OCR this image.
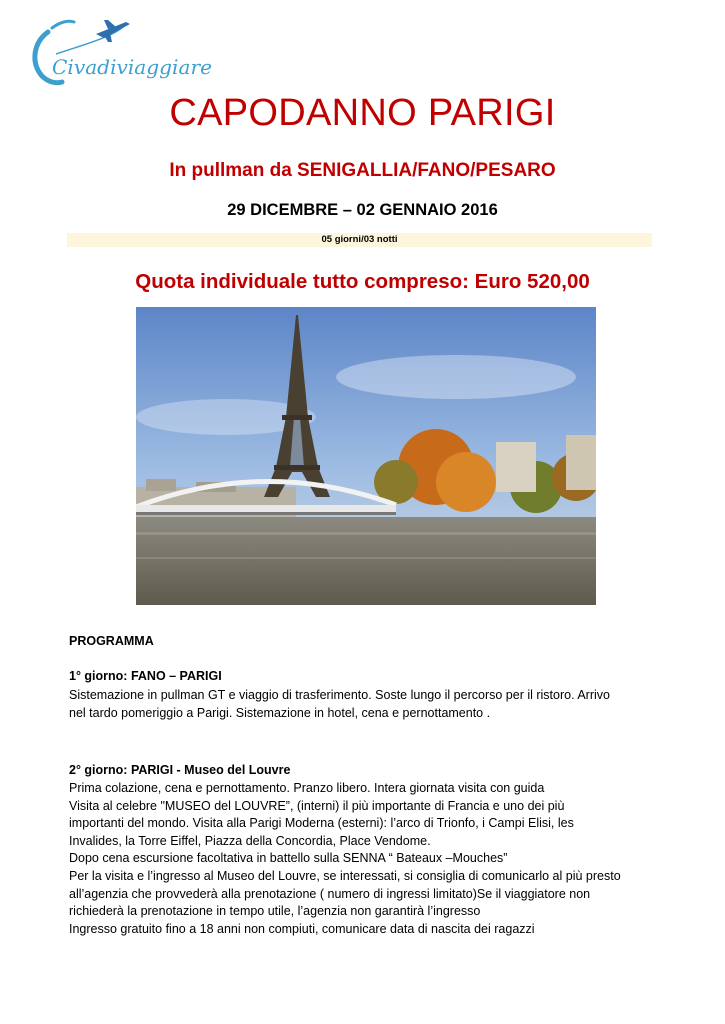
Civadiviaggiare
CAPODANNO PARIGI
In pullman da SENIGALLIA/FANO/PESARO
29 DICEMBRE – 02 GENNAIO 2016
05 giorni/03 notti
Quota individuale tutto compreso: Euro 520,00
PROGRAMMA
1° giorno: FANO – PARIGI
Sistemazione in pullman GT e viaggio di trasferimento. Soste lungo il percorso per il ristoro. Arrivo
nel tardo pomeriggio a Parigi. Sistemazione in hotel, cena e pernottamento .
2° giorno: PARIGI - Museo del Louvre
Prima colazione, cena e pernottamento. Pranzo libero. Intera giornata visita con guida
Visita al celebre "MUSEO del LOUVRE”, (interni) il più importante di Francia e uno dei più
importanti del mondo. Visita alla Parigi Moderna (esterni): l’arco di Trionfo, i Campi Elisi, les
Invalides, la Torre Eiffel, Piazza della Concordia, Place Vendome.
Dopo cena escursione facoltativa in battello sulla SENNA “ Bateaux –Mouches”
Per la visita e l’ingresso al Museo del Louvre, se interessati, si consiglia di comunicarlo al più presto
all’agenzia che provvederà alla prenotazione ( numero di ingressi limitato)Se il viaggiatore non
richiederà la prenotazione in tempo utile, l’agenzia non garantirà l’ingresso
Ingresso gratuito fino a 18 anni non compiuti, comunicare data di nascita dei ragazzi
